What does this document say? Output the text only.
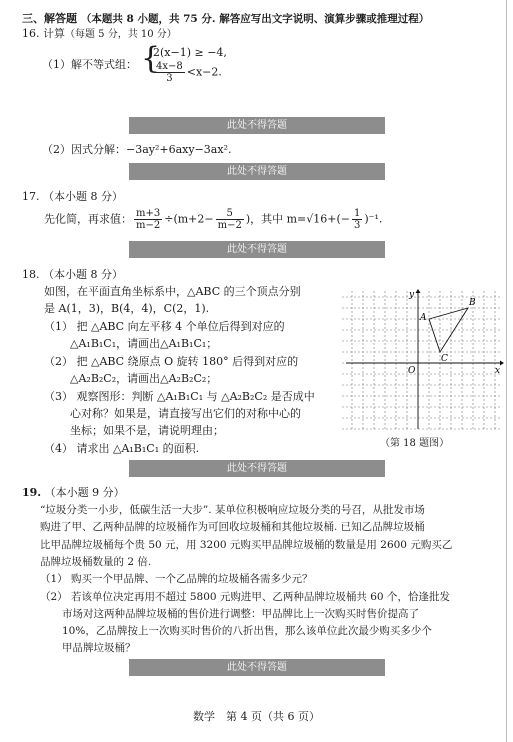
三、解答题 （本题共 8 小题，共 75 分. 解答应写出文字说明、演算步骤或推理过程）
16. 计算（每题 5 分，共 10 分）
（1）解不等式组： {
2(x−1) ≥ −4,
$\frac{4x-8}{3} <x-2$.
此处不得答题
（2）因式分解：−3ay²+6axy−3ax².
此处不得答题
17. （本小题 8 分）
先化简，再求值： $\frac{m+3}{m-2} \div(m+2- \frac{5}{m-2}$ )，其中 $m=√16+(- \frac{1}{3} )^{-1}$.
此处不得答题
18. （本小题 8 分）
如图，在平面直角坐标系中，△ABC 的三个顶点分别
是 A(1，3)，B(4，4)，C(2，1).
（1） 把 △ABC 向左平移 4 个单位后得到对应的
△A₁B₁C₁，请画出△A₁B₁C₁；
（2） 把 △ABC 绕原点 O 旋转 180° 后得到对应的
△A₂B₂C₂，请画出△A₂B₂C₂；
（3） 观察图形：判断 △A₁B₁C₁ 与 △A₂B₂C₂ 是否成中
心对称？如果是，请直接写出它们的对称中心的
坐标；如果不是，请说明理由；
（4） 请求出 △A₁B₁C₁ 的面积.
x
y
O
A
B
C
（第 18 题图）
此处不得答题
19. （本小题 9 分）
“垃圾分类一小步，低碳生活一大步”. 某单位积极响应垃圾分类的号召，从批发市场
购进了甲、乙两种品牌的垃圾桶作为可回收垃圾桶和其他垃圾桶. 已知乙品牌垃圾桶
比甲品牌垃圾桶每个贵 50 元，用 3200 元购买甲品牌垃圾桶的数量是用 2600 元购买乙
品牌垃圾桶数量的 2 倍.
（1） 购买一个甲品牌、一个乙品牌的垃圾桶各需多少元？
（2） 若该单位决定再用不超过 5800 元购进甲、乙两种品牌垃圾桶共 60 个，恰逢批发
市场对这两种品牌垃圾桶的售价进行调整：甲品牌比上一次购买时售价提高了
10%，乙品牌按上一次购买时售价的八折出售，那么该单位此次最少购买多少个
甲品牌垃圾桶？
此处不得答题
数学　第 4 页（共 6 页）
